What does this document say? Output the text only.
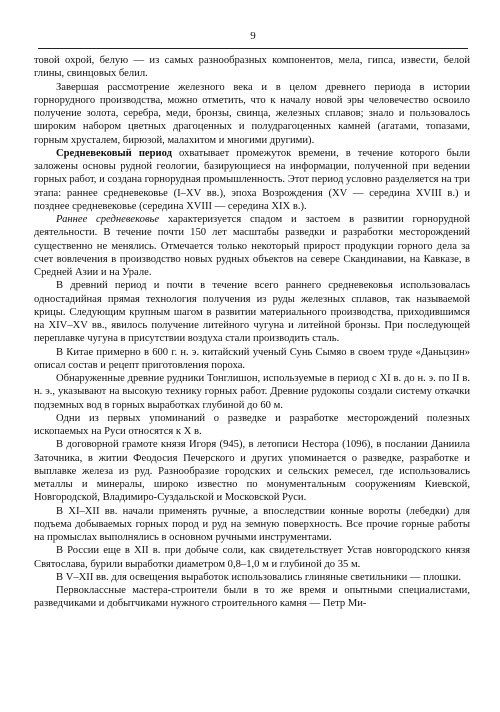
9

товой охрой, белую — из самых разнообразных компонентов, мела, гипса, извести, белой глины, свинцовых белил.

Завершая рассмотрение железного века и в целом древнего периода в истории горнорудного производства, можно отметить, что к началу новой эры человечество освоило получение золота, серебра, меди, бронзы, свинца, железных сплавов; знало и пользовалось широким набором цветных драгоценных и полудрагоценных камней (агатами, топазами, горным хрусталем, бирюзой, малахитом и многими другими).

Средневековый период охватывает промежуток времени, в течение которого были заложены основы рудной геологии, базирующиеся на информации, полученной при ведении горных работ, и создана горнорудная промышленность. Этот период условно разделяется на три этапа: раннее средневековье (I–XV вв.), эпоха Возрождения (XV — середина XVIII в.) и позднее средневековье (середина XVIII — середина XIX в.).

Раннее средневековье характеризуется спадом и застоем в развитии горнорудной деятельности. В течение почти 150 лет масштабы разведки и разработки месторождений существенно не менялись. Отмечается только некоторый прирост продукции горного дела за счет вовлечения в производство новых рудных объектов на севере Скандинавии, на Кавказе, в Средней Азии и на Урале.

В древний период и почти в течение всего раннего средневековья использовалась одностадийная прямая технология получения из руды железных сплавов, так называемой крицы. Следующим крупным шагом в развитии материального производства, приходившимся на XIV–XV вв., явилось получение литейного чугуна и литейной бронзы. При последующей переплавке чугуна в присутствии воздуха стали производить сталь.

В Китае примерно в 600 г. н. э. китайский ученый Сунь Сымяо в своем труде «Даньцзин» описал состав и рецепт приготовления пороха.

Обнаруженные древние рудники Тонглишон, используемые в период с XI в. до н. э. по II в. н. э., указывают на высокую технику горных работ. Древние рудокопы создали систему откачки подземных вод в горных выработках глубиной до 60 м.

Одни из первых упоминаний о разведке и разработке месторождений полезных ископаемых на Руси относятся к X в.

В договорной грамоте князя Игоря (945), в летописи Нестора (1096), в послании Даниила Заточника, в житии Феодосия Печерского и других упоминается о разведке, разработке и выплавке железа из руд. Разнообразие городских и сельских ремесел, где использовались металлы и минералы, широко известно по монументальным сооружениям Киевской, Новгородской, Владимиро-Суздальской и Московской Руси.

В XI–XII вв. начали применять ручные, а впоследствии конные вороты (лебедки) для подъема добываемых горных пород и руд на земную поверхность. Все прочие горные работы на промыслах выполнялись в основном ручными инструментами.

В России еще в XII в. при добыче соли, как свидетельствует Устав новгородского князя Святослава, бурили выработки диаметром 0,8–1,0 м и глубиной до 35 м.

В V–XII вв. для освещения выработок использовались глиняные светильники — плошки.

Первоклассные мастера-строители были в то же время и опытными специалистами, разведчиками и добытчиками нужного строительного камня — Петр Ми-
